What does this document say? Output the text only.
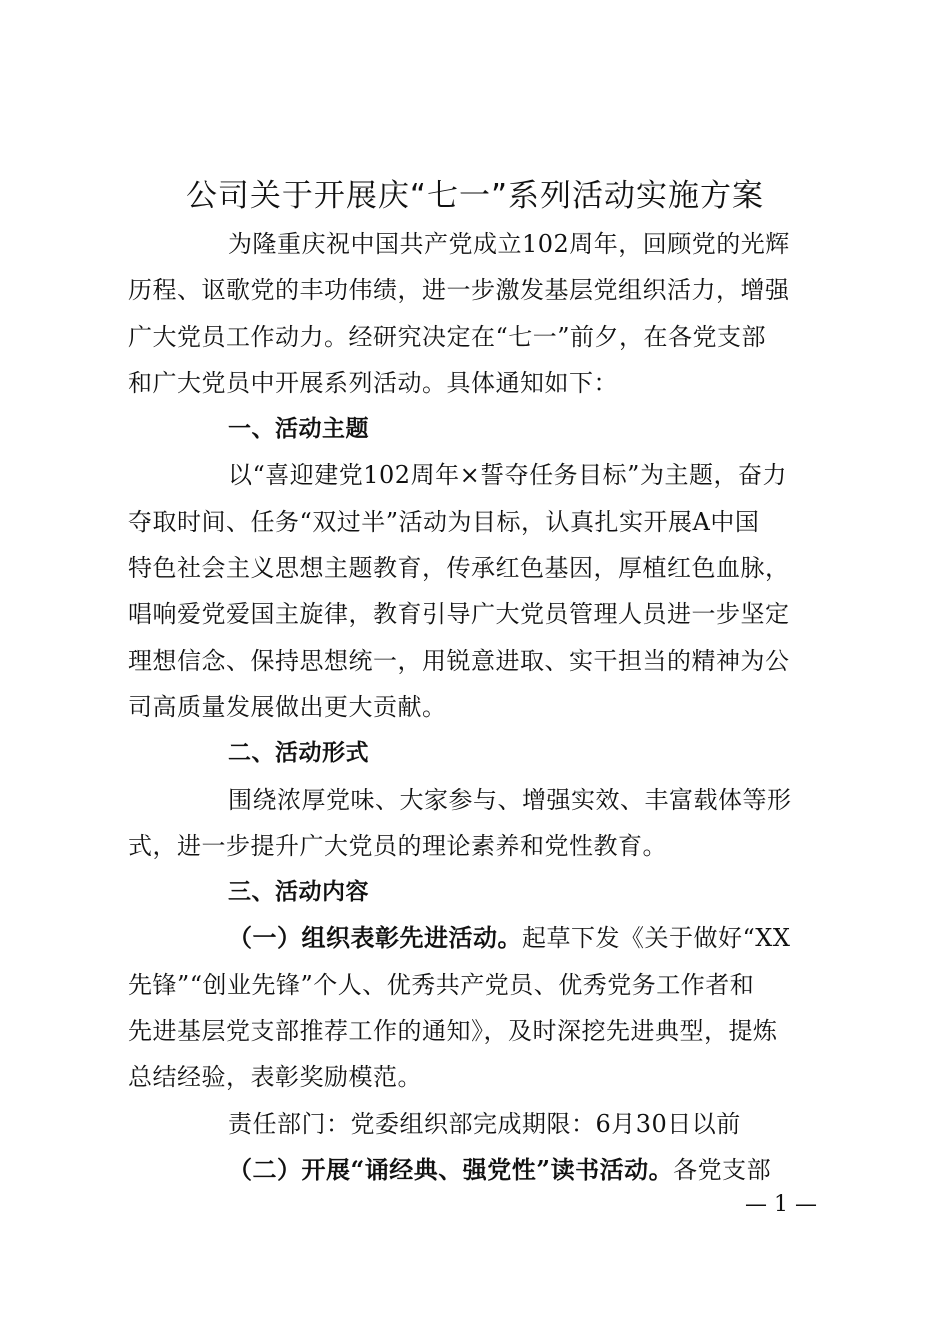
公司关于开展庆“七一”系列活动实施方案
为隆重庆祝中国共产党成立102周年，回顾党的光辉
历程、讴歌党的丰功伟绩，进一步激发基层党组织活力，增强
广大党员工作动力。经研究决定在“七一”前夕，在各党支部
和广大党员中开展系列活动。具体通知如下：
一、活动主题
以“喜迎建党102周年×誓夺任务目标”为主题，奋力
夺取时间、任务“双过半”活动为目标，认真扎实开展A中国
特色社会主义思想主题教育，传承红色基因，厚植红色血脉，
唱响爱党爱国主旋律，教育引导广大党员管理人员进一步坚定
理想信念、保持思想统一，用锐意进取、实干担当的精神为公
司高质量发展做出更大贡献。
二、活动形式
围绕浓厚党味、大家参与、增强实效、丰富载体等形
式，进一步提升广大党员的理论素养和党性教育。
三、活动内容
（一）组织表彰先进活动。起草下发《关于做好“XX
先锋”“创业先锋”个人、优秀共产党员、优秀党务工作者和
先进基层党支部推荐工作的通知》，及时深挖先进典型，提炼
总结经验，表彰奖励模范。
责任部门：党委组织部完成期限：6月30日以前
（二）开展“诵经典、强党性”读书活动。各党支部
— 1 —
